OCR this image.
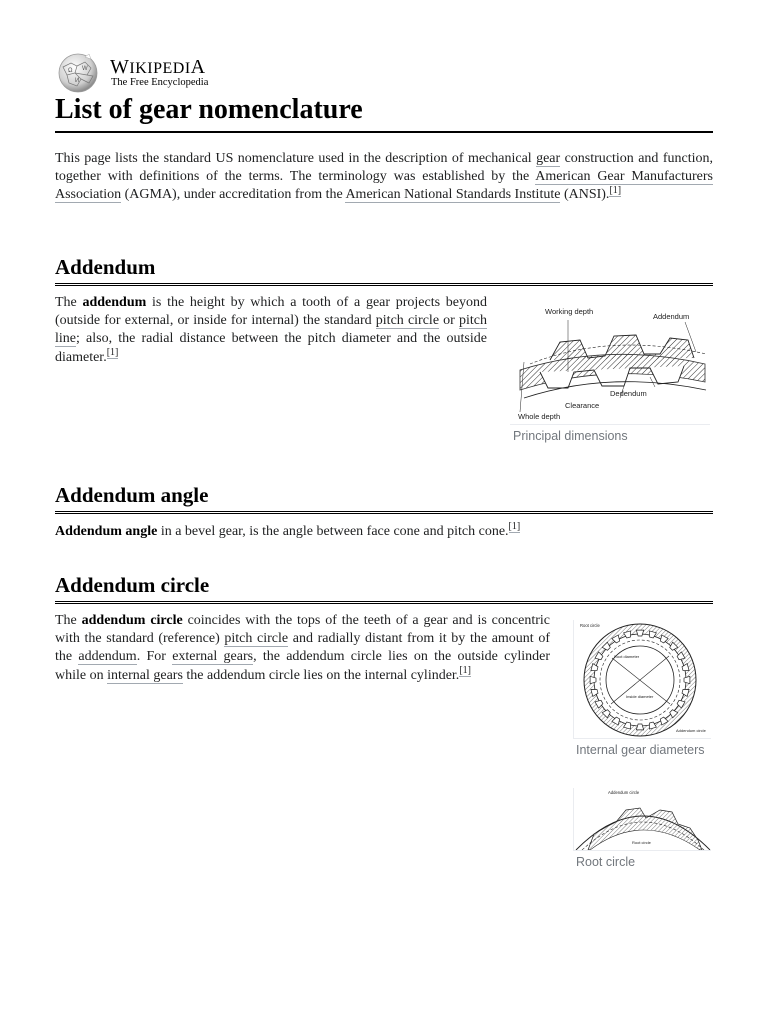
Ω W
И
WIKIPEDIA
The Free Encyclopedia
List of gear nomenclature

This page lists the standard US nomenclature used in the description of mechanical gear construction and function, together with definitions of the terms. The terminology was established by the American Gear Manufacturers Association (AGMA), under accreditation from the American National Standards Institute (ANSI).[1]

Addendum

The addendum is the height by which a tooth of a gear projects beyond (outside for external, or inside for internal) the standard pitch circle or pitch line; also, the radial distance between the pitch diameter and the outside diameter.[1]

Working depth
Addendum
Dedendum
Clearance
Whole depth
Principal dimensions
Addendum angle

Addendum angle in a bevel gear, is the angle between face cone and pitch cone.[1]

Addendum circle

The addendum circle coincides with the tops of the teeth of a gear and is concentric with the standard (reference) pitch circle and radially distant from it by the amount of the addendum. For external gears, the addendum circle lies on the outside cylinder while on internal gears the addendum circle lies on the internal cylinder.[1]

Root circle
Root diameter
Inside diameter
Addendum circle
Internal gear diameters
Addendum circle
Root circle
Root circle
